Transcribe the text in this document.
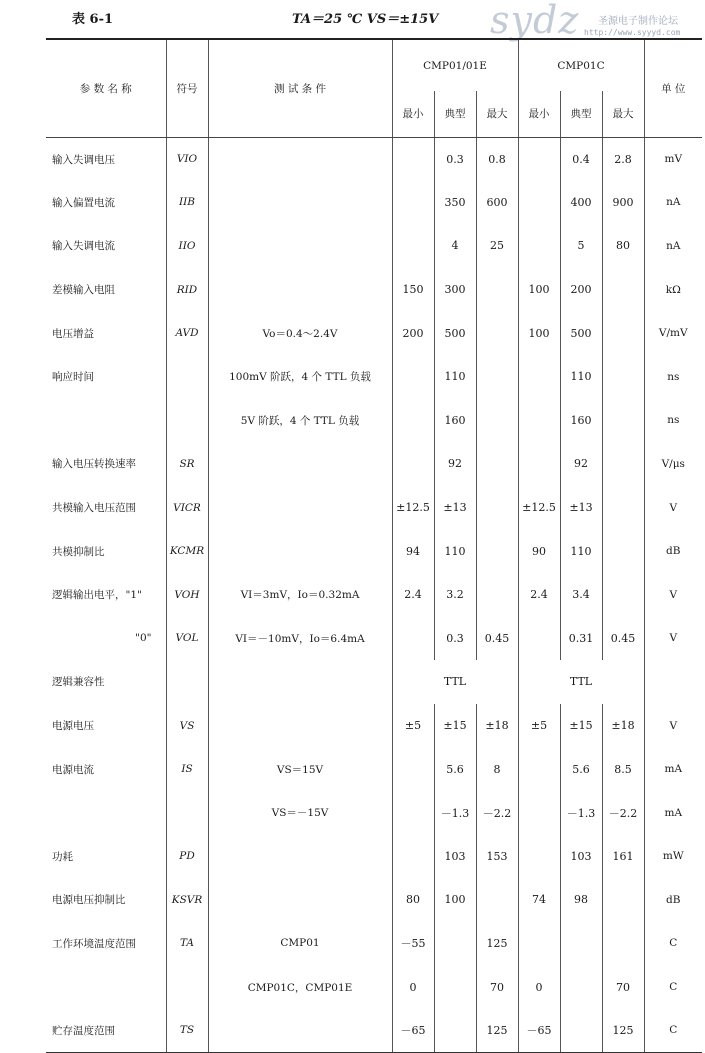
表 6-1	TA＝25 ℃ VS＝±15V sydz 圣源电子制作论坛
http://www.syyyd.com
参 数 名 称	符号	测 试 条 件	CMP01/01E			CMP01C			单 位
			最小	典型	最大	最小	典型	最大	
输入失调电压	VIO			0.3	0.8		0.4	2.8	mV
输入偏置电流	IIB			350	600		400	900	nA
输入失调电流	IIO			4	25		5	80	nA
差模输入电阻	RID		150	300		100	200		kΩ
电压增益	AVD	Vo＝0.4～2.4V	200	500		100	500		V/mV
响应时间		100mV 阶跃，4 个 TTL 负载		110			110		ns
		5V 阶跃，4 个 TTL 负载		160			160		ns
输入电压转换速率	SR			92			92		V/μs
共模输入电压范围	VICR		±12.5	±13		±12.5	±13		V
共模抑制比	KCMR		94	110		90	110		dB
逻辑输出电平，"1"	VOH	VI＝3mV，Io＝0.32mA	2.4	3.2		2.4	3.4		V
"0"	VOL	VI＝－10mV，Io＝6.4mA		0.3	0.45		0.31	0.45	V
逻辑兼容性			TTL			TTL			
电源电压	VS		±5	±15	±18	±5	±15	±18	V
电源电流	IS	VS＝15V		5.6	8		5.6	8.5	mA
		VS＝－15V		－1.3	－2.2		－1.3	－2.2	mA
功耗	PD			103	153		103	161	mW
电源电压抑制比	KSVR		80	100		74	98		dB
工作环境温度范围	TA	CMP01	－55		125				C
		CMP01C，CMP01E	0		70	0		70	C
贮存温度范围	TS		－65		125	－65		125	C
